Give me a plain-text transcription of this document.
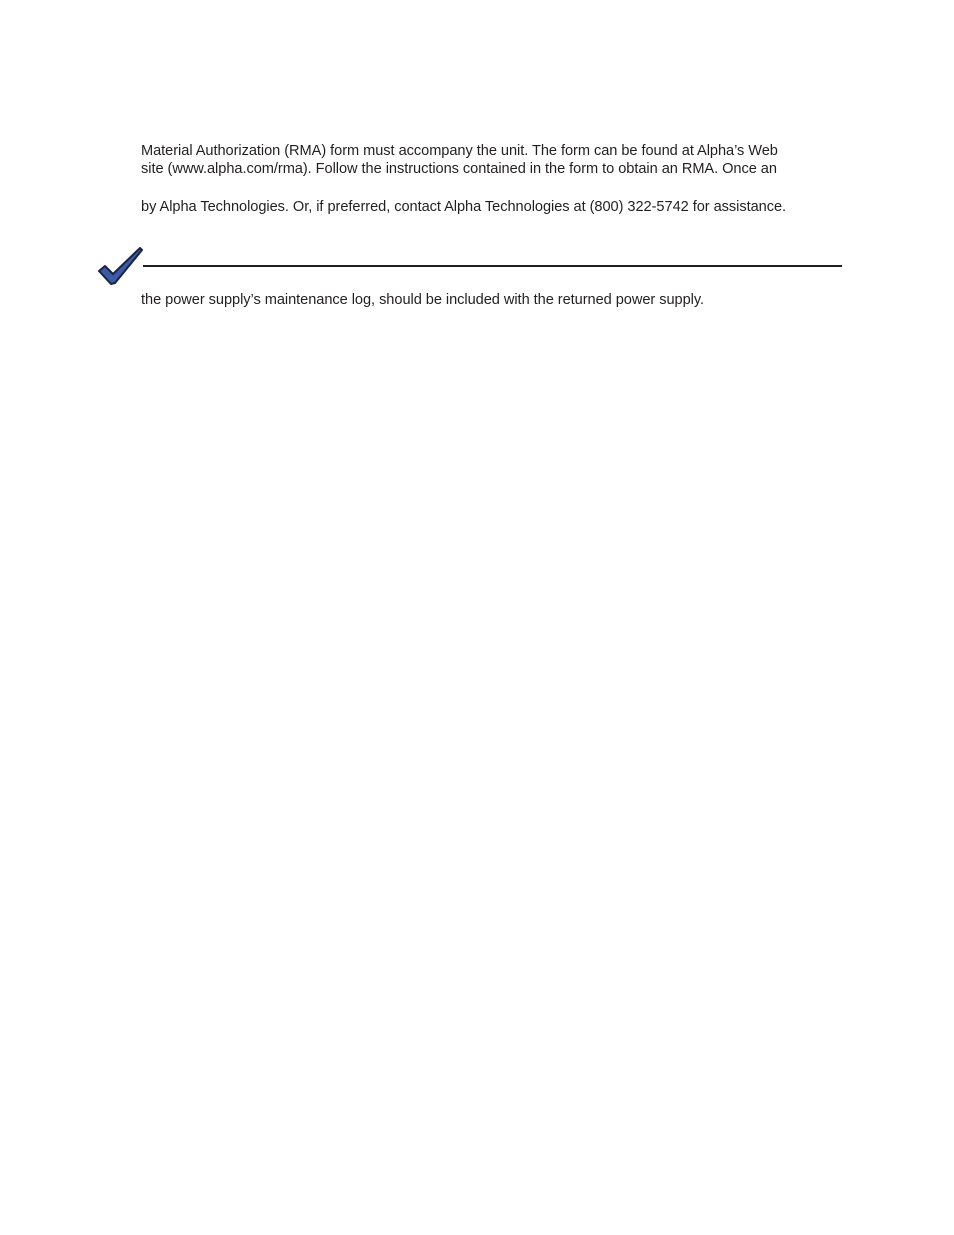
Material Authorization (RMA) form must accompany the unit. The form can be found at Alpha’s Web
site (www.alpha.com/rma). Follow the instructions contained in the form to obtain an RMA. Once an
by Alpha Technologies. Or, if preferred, contact Alpha Technologies at (800) 322-5742 for assistance.
the power supply’s maintenance log, should be included with the returned power supply.
